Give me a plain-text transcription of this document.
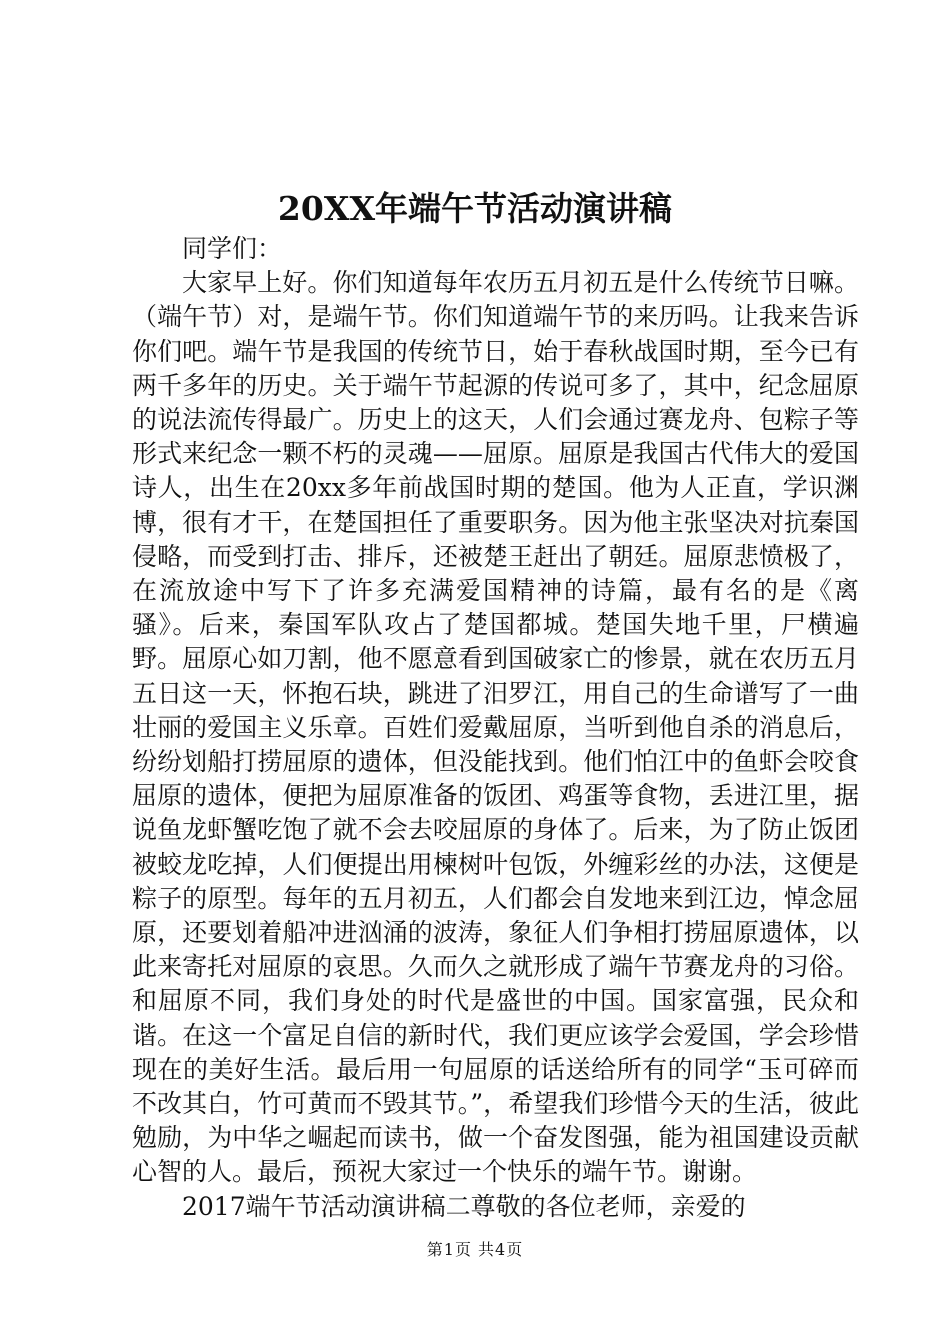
20XX年端午节活动演讲稿

同学们：

大家早上好。你们知道每年农历五月初五是什么传统节日嘛。（端午节）对，是端午节。你们知道端午节的来历吗。让我来告诉你们吧。端午节是我国的传统节日，始于春秋战国时期，至今已有两千多年的历史。关于端午节起源的传说可多了，其中，纪念屈原的说法流传得最广。历史上的这天，人们会通过赛龙舟、包粽子等形式来纪念一颗不朽的灵魂——屈原。屈原是我国古代伟大的爱国诗人，出生在20xx多年前战国时期的楚国。他为人正直，学识渊博，很有才干，在楚国担任了重要职务。因为他主张坚决对抗秦国侵略，而受到打击、排斥，还被楚王赶出了朝廷。屈原悲愤极了，在流放途中写下了许多充满爱国精神的诗篇，最有名的是《离骚》。后来，秦国军队攻占了楚国都城。楚国失地千里，尸横遍野。屈原心如刀割，他不愿意看到国破家亡的惨景，就在农历五月五日这一天，怀抱石块，跳进了汨罗江，用自己的生命谱写了一曲壮丽的爱国主义乐章。百姓们爱戴屈原，当听到他自杀的消息后，纷纷划船打捞屈原的遗体，但没能找到。他们怕江中的鱼虾会咬食屈原的遗体，便把为屈原准备的饭团、鸡蛋等食物，丢进江里，据说鱼龙虾蟹吃饱了就不会去咬屈原的身体了。后来，为了防止饭团被蛟龙吃掉，人们便提出用楝树叶包饭，外缠彩丝的办法，这便是粽子的原型。每年的五月初五，人们都会自发地来到江边，悼念屈原，还要划着船冲进汹涌的波涛，象征人们争相打捞屈原遗体，以此来寄托对屈原的哀思。久而久之就形成了端午节赛龙舟的习俗。和屈原不同，我们身处的时代是盛世的中国。国家富强，民众和谐。在这一个富足自信的新时代，我们更应该学会爱国，学会珍惜现在的美好生活。最后用一句屈原的话送给所有的同学“玉可碎而不改其白，竹可黄而不毁其节。”，希望我们珍惜今天的生活，彼此勉励，为中华之崛起而读书，做一个奋发图强，能为祖国建设贡献心智的人。最后，预祝大家过一个快乐的端午节。谢谢。

2017端午节活动演讲稿二尊敬的各位老师，亲爱的

第1页 共4页
